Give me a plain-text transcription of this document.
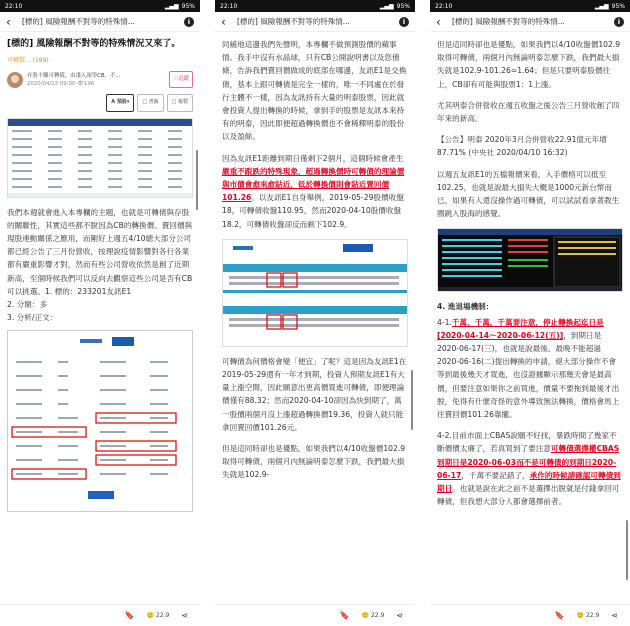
22:10	▂▄▆ 95%
‹	[標的] 風險報酬不對等的特殊情...	i
[標的] 風險報酬不對等的特殊情況又來了。
可轉債... (199)
存股不離可轉債，由淺入深學CB，不...
2020/04/13 09:00 👁196
♡追蹤
A 預設▾	□ 書籤	□ 複製

我們本週就會進入本專欄的主題，也就是可轉債與存股的關聯性，其實這些都不脫因為CB的轉換價、賣回價與現股連動關係之應用，而剛好上週五4/10總大部分公司都已經公告了三月份營收，按理說疫情影響對各行各業都有嚴重影響才對，然而有些公司營收依然是創了近期新高，至個時候我們可以反向去觀察這些公司是否有CB可以挑選。1. 標的：233201友訊E1

2. 分額：多
3. 分析/正文：
🔖 🙂 22.9 ⋖
22:10	▂▄▆ 95%
‹	[標的] 風險報酬不對等的特殊情...	i

同緩地這邊我們先聲明，本專欄不做預測股價的蘋事情。我手中沒有水晶球，只有CB公開說明書以及您債條，告訴我們賣回價做成的底部在哪邊，友訊E1是交換債，基本上跟可轉債是完全一樣的，唯一不同處在於發行主體不一樣，因為友訊持有大量的明泰股票，因此就會投資人提出轉換的時候，拿到手的股票是友訊本來持有的明泰，因此即便超過轉換價也不會稀釋明泰的股份以及盈餘。

因為友訊E1距離到期日僅剩下2個月，這個時候會產生嚴重不跟跌的特殊現象，超過轉換價時可轉債的理論價與市價會愈來愈貼近，低於轉換價則會貼近賣回價101.26。以友訊E1自身舉例，2019-05-29股價收盤18，可轉債收盤110.95，然而2020-04-10股價收盤18.2，可轉債收盤卻反而剩下102.9。

可轉債為何價格會變「便宜」了呢？這是因為友訊E1在2019-05-29還有一年才到期，投資人預期友訊E1有大量上漲空間，因此願意出更高價買進可轉債，即便理論價僅有88.32；然而2020-04-10卻因為快到期了，萬一股價兩個月沒上漲超過轉換價19.36，投資人就只能拿回賣回價101.26元。

但是這同時卻也是優點，如果我們以4/10收盤價102.9取得可轉債，兩個月內無論明泰怎麼下跌，我們最大損失就是102.9-

🔖 🙂 22.9 ⋖
22:10	▂▄▆ 95%
‹	[標的] 風險報酬不對等的特殊情...	i

但是這同時卻也是優點，如果我們以4/10收盤價102.9取得可轉債，兩個月內無論明泰怎麼下跌，我們最大損失就是102.9-101.26=1.64；但是只要明泰股價往上，CB卻有可能與股票1：1上漲。

尤其明泰合併營收在週五收盤之後公告三月營收創了四年來的新高。

【公告】明泰 2020年3月合併營收22.91億元年增87.71% (中央社 2020/04/10 16:32)

以週五友訊E1的五檔報價來看，入手價格可以抵至102.25，也就是說最大損失大概是1000元新台幣而已，如果有人還沒操作過可轉債，可以試試看拿著教生圈跳入股海的感覺。

4. 進退場機制：

4-1.千萬、千萬、千萬要注意，停止轉換起迄日是[2020-04-14～2020-06-12(五)]，到期日是2020-06-17(三)，也就是說最後、最晚不能超過2020-06-16(二)提出轉換的申請，絕大部分操作不會等到最後幾天才買進，也沒證據顯示那幾天會是最高價，但要注意如果你之前買進，價量不要拖到最後才出脫，免得有什麼奇怪的意外導致無法轉換，價格會馬上往賣回價101.26靠攏。

4-2.目前市面上CBAS說願不好找，暴跌時間了幾家不斷價價太廉了，若真買到了要注意可轉債選擇權CBAS到期日是2020-06-03而不是可轉債的到期日2020-06-17，千萬不要記錯了，承作的時候請確認可轉債到期日。也就是說在此之前不是選擇出脫就是付錢拿回可轉債，但我想大部分人都會選擇前者。

🔖 🙂 22.9 ⋖
